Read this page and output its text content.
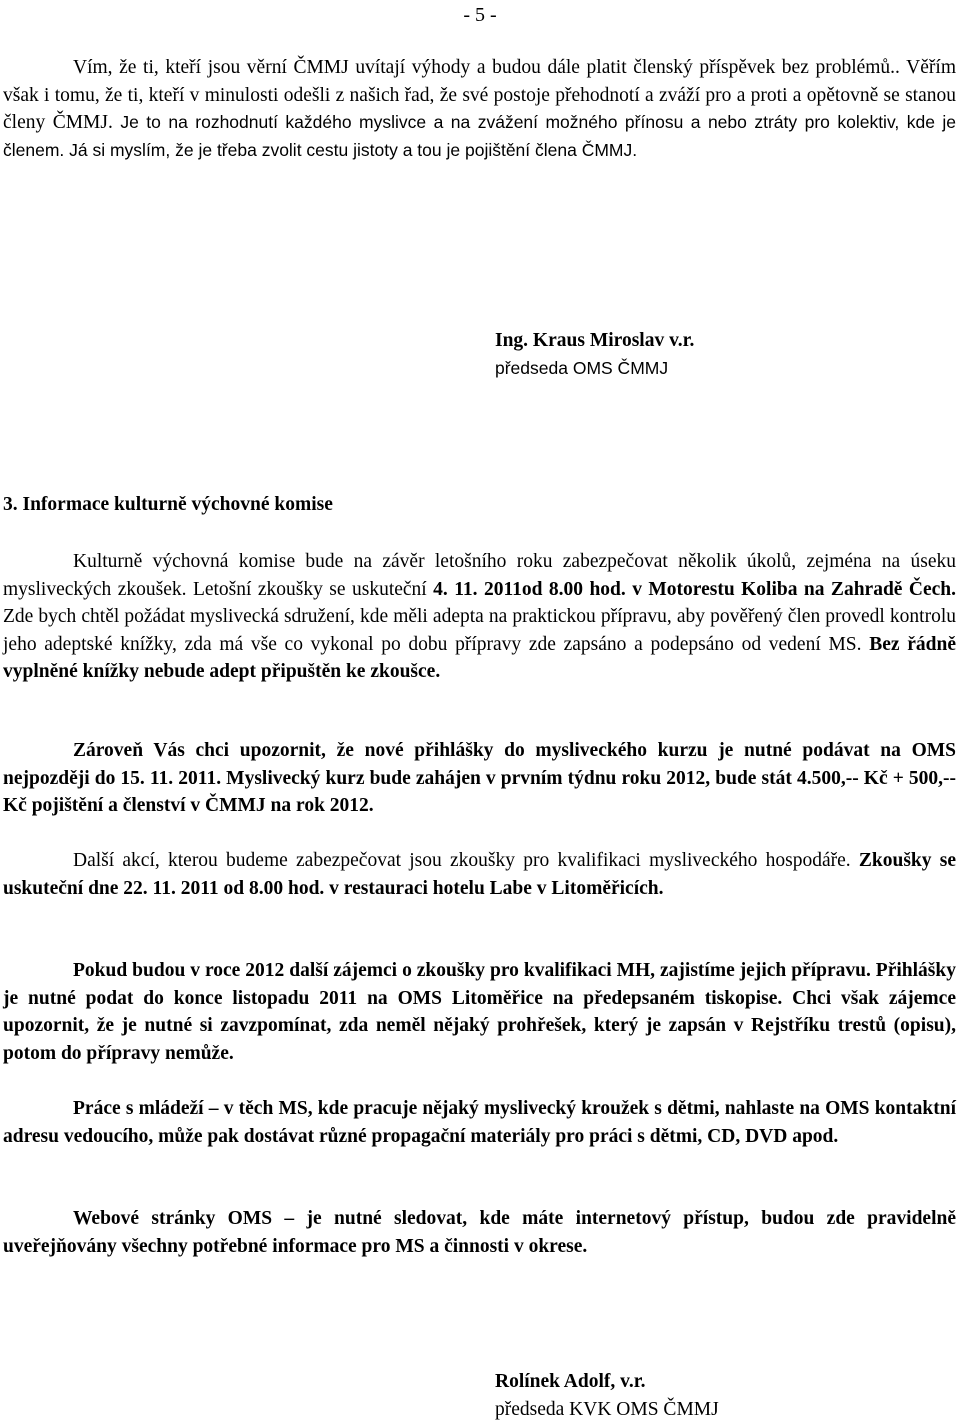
- 5 -

Vím, že ti, kteří jsou věrní ČMMJ uvítají výhody a budou dále platit členský příspěvek bez problémů.. Věřím však i tomu, že ti, kteří v minulosti odešli z našich řad, že své postoje přehodnotí a zváží pro a proti a opětovně se stanou členy ČMMJ. Je to na rozhodnutí každého myslivce a na zvážení možného přínosu a nebo ztráty pro kolektiv, kde je členem. Já si myslím, že je třeba zvolit cestu jistoty a tou je pojištění člena ČMMJ.

Ing. Kraus Miroslav v.r.
předseda OMS ČMMJ
3. Informace kulturně výchovné komise

Kulturně výchovná komise bude na závěr letošního roku zabezpečovat několik úkolů, zejména na úseku mysliveckých zkoušek. Letošní zkoušky se uskuteční 4. 11. 2011od 8.00 hod. v Motorestu Koliba na Zahradě Čech. Zde bych chtěl požádat myslivecká sdružení, kde měli adepta na praktickou přípravu, aby pověřený člen provedl kontrolu jeho adeptské knížky, zda má vše co vykonal po dobu přípravy zde zapsáno a podepsáno od vedení MS. Bez řádně vyplněné knížky nebude adept připuštěn ke zkoušce.

Zároveň Vás chci upozornit, že nové přihlášky do mysliveckého kurzu je nutné podávat na OMS nejpozději do 15. 11. 2011. Myslivecký kurz bude zahájen v prvním týdnu roku 2012, bude stát 4.500,-- Kč + 500,-- Kč pojištění a členství v ČMMJ na rok 2012.

Další akcí, kterou budeme zabezpečovat jsou zkoušky pro kvalifikaci mysliveckého hospodáře. Zkoušky se uskuteční dne 22. 11. 2011 od 8.00 hod. v restauraci hotelu Labe v Litoměřicích.

Pokud budou v roce 2012 další zájemci o zkoušky pro kvalifikaci MH, zajistíme jejich přípravu. Přihlášky je nutné podat do konce listopadu 2011 na OMS Litoměřice na předepsaném tiskopise. Chci však zájemce upozornit, že je nutné si zavzpomínat, zda neměl nějaký prohřešek, který je zapsán v Rejstříku trestů (opisu), potom do přípravy nemůže.

Práce s mládeží – v těch MS, kde pracuje nějaký myslivecký kroužek s dětmi, nahlaste na OMS kontaktní adresu vedoucího, může pak dostávat různé propagační materiály pro práci s dětmi, CD, DVD apod.

Webové stránky OMS – je nutné sledovat, kde máte internetový přístup, budou zde pravidelně uveřejňovány všechny potřebné informace pro MS a činnosti v okrese.

Rolínek Adolf, v.r.
předseda KVK OMS ČMMJ
